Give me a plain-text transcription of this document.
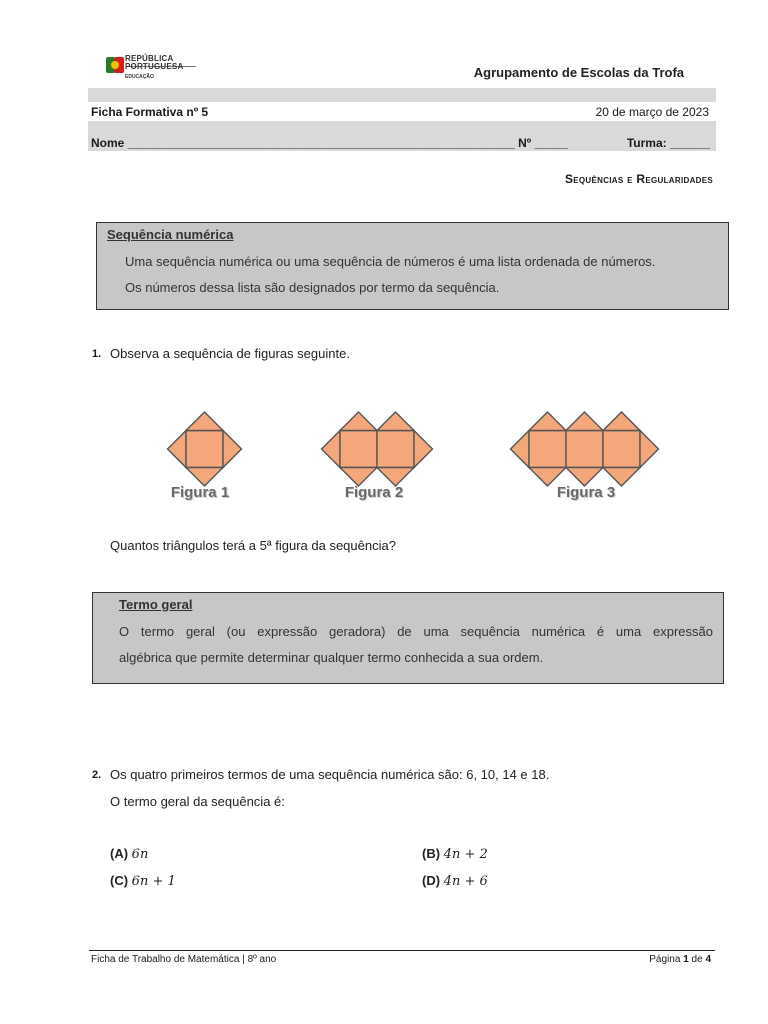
REPÚBLICA
PORTUGUESA
EDUCAÇÃO	Agrupamento de Escolas da Trofa
Ficha Formativa nº 5	20 de março de 2023
Nome __________________________________________________________ Nº _____	Turma: ______
Sequências e Regularidades
Sequência numérica
Uma sequência numérica ou uma sequência de números é uma lista ordenada de números.
Os números dessa lista são designados por termo da sequência.
1. Observa a sequência de figuras seguinte.
Figura 1	Figura 2	Figura 3
Quantos triângulos terá a 5ª figura da sequência?
Termo geral
O termo geral (ou expressão geradora) de uma sequência numérica é uma expressão
algébrica que permite determinar qualquer termo conhecida a sua ordem.
2. Os quatro primeiros termos de uma sequência numérica são: 6, 10, 14 e 18.
O termo geral da sequência é:
(A) 6n	(B) 4n + 2
(C) 6n + 1	(D) 4n + 6
Ficha de Trabalho de Matemática | 8º ano	Página 1 de 4
